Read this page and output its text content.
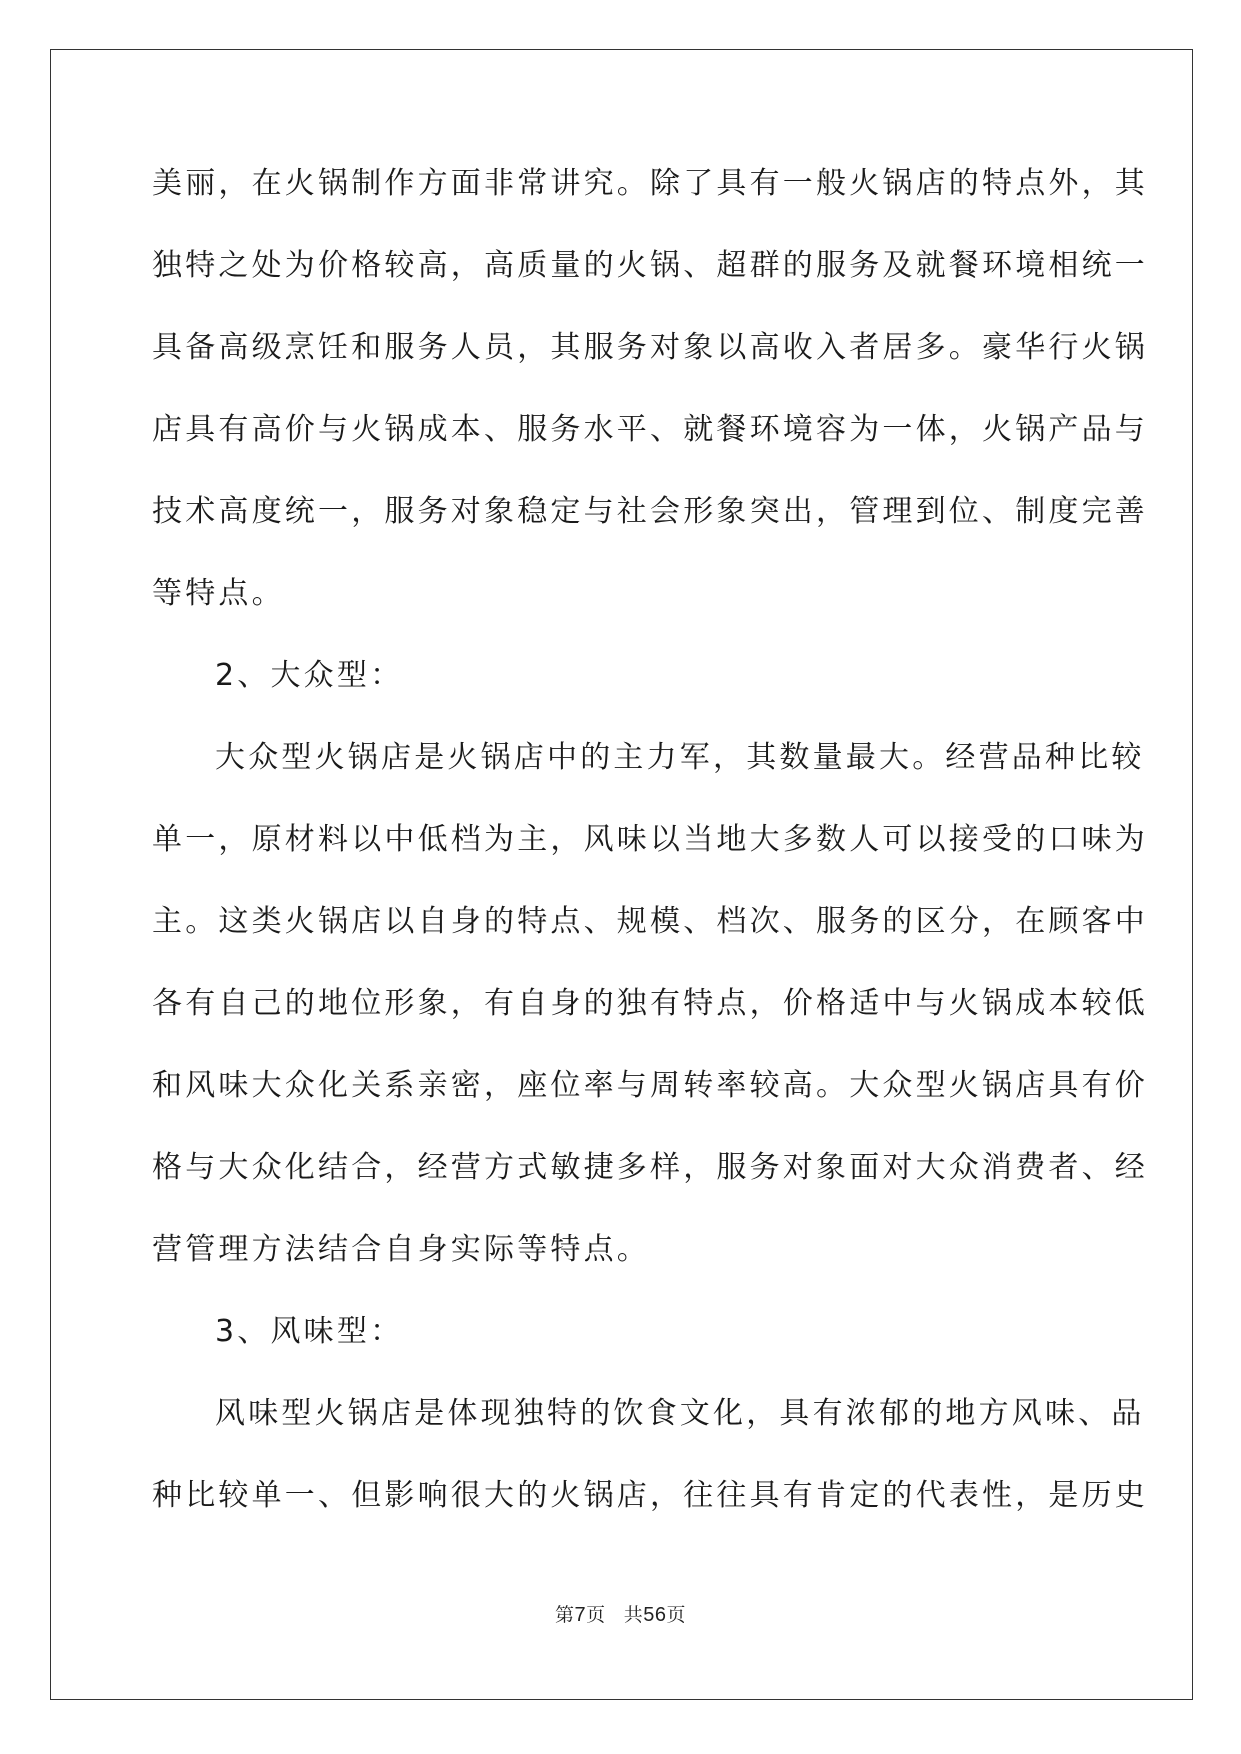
美丽，在火锅制作方面非常讲究。除了具有一般火锅店的特点外，其
独特之处为价格较高，高质量的火锅、超群的服务及就餐环境相统一
具备高级烹饪和服务人员，其服务对象以高收入者居多。豪华行火锅
店具有高价与火锅成本、服务水平、就餐环境容为一体，火锅产品与
技术高度统一，服务对象稳定与社会形象突出，管理到位、制度完善
等特点。
2、大众型：
大众型火锅店是火锅店中的主力军，其数量最大。经营品种比较
单一，原材料以中低档为主，风味以当地大多数人可以接受的口味为
主。这类火锅店以自身的特点、规模、档次、服务的区分，在顾客中
各有自己的地位形象，有自身的独有特点，价格适中与火锅成本较低
和风味大众化关系亲密，座位率与周转率较高。大众型火锅店具有价
格与大众化结合，经营方式敏捷多样，服务对象面对大众消费者、经
营管理方法结合自身实际等特点。
3、风味型：
风味型火锅店是体现独特的饮食文化，具有浓郁的地方风味、品
种比较单一、但影响很大的火锅店，往往具有肯定的代表性，是历史
第7页 共56页
